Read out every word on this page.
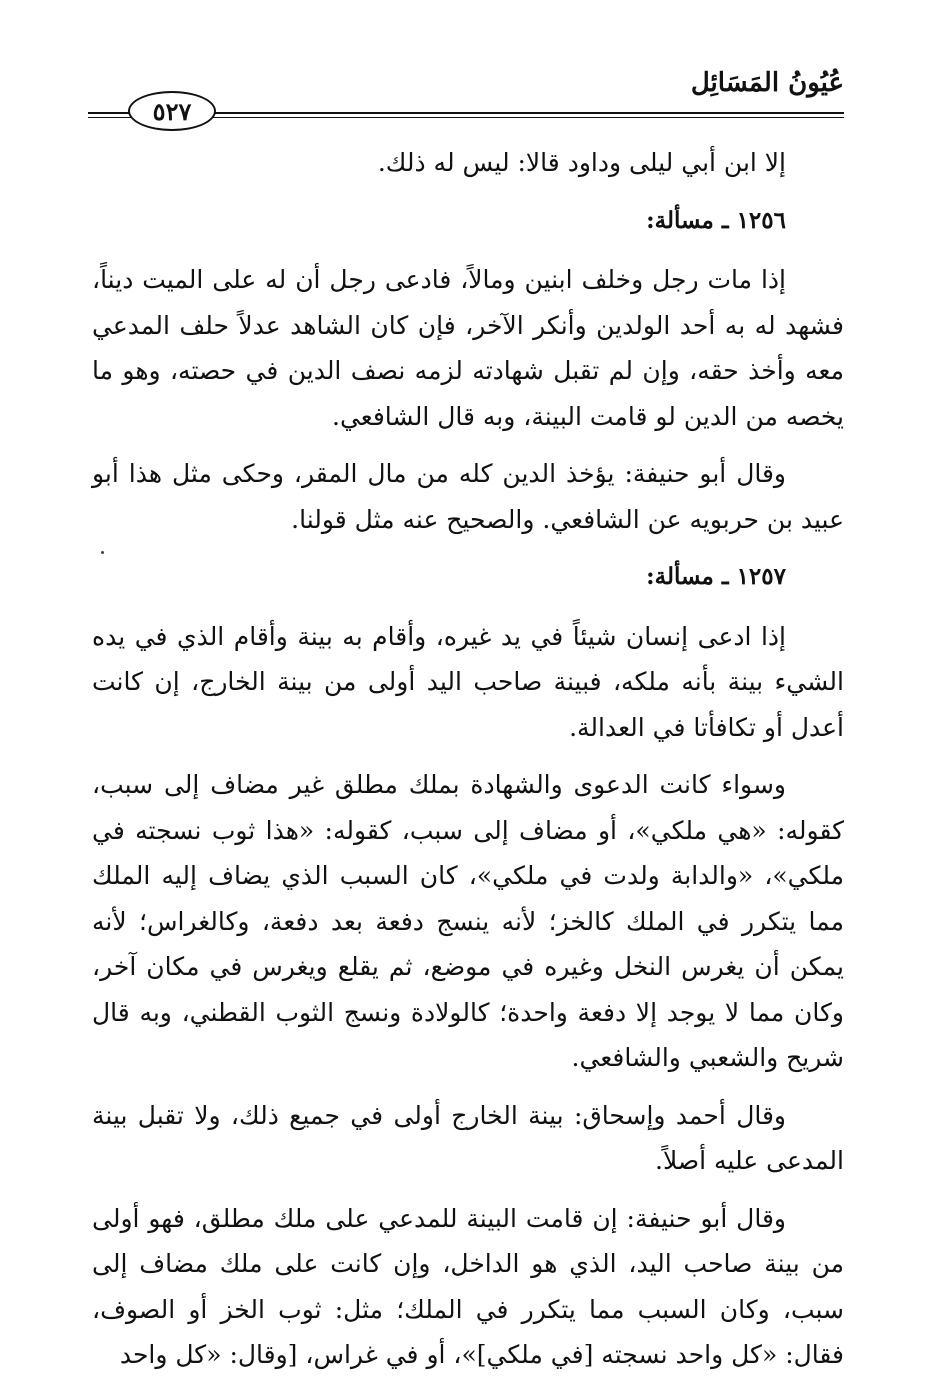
عُيُونُ المَسَائِل
٥٢٧

إلا ابن أبي ليلى وداود قالا: ليس له ذلك.

١٢٥٦ ـ مسألة:

إذا مات رجل وخلف ابنين ومالاً، فادعى رجل أن له على الميت ديناً، فشهد له به أحد الولدين وأنكر الآخر، فإن كان الشاهد عدلاً حلف المدعي معه وأخذ حقه، وإن لم تقبل شهادته لزمه نصف الدين في حصته، وهو ما يخصه من الدين لو قامت البينة، وبه قال الشافعي.

وقال أبو حنيفة: يؤخذ الدين كله من مال المقر، وحكى مثل هذا أبو عبيد بن حربويه عن الشافعي. والصحيح عنه مثل قولنا.

١٢٥٧ ـ مسألة:

إذا ادعى إنسان شيئاً في يد غيره، وأقام به بينة وأقام الذي في يده الشيء بينة بأنه ملكه، فبينة صاحب اليد أولى من بينة الخارج، إن كانت أعدل أو تكافأتا في العدالة.

وسواء كانت الدعوى والشهادة بملك مطلق غير مضاف إلى سبب، كقوله: «هي ملكي»، أو مضاف إلى سبب، كقوله: «هذا ثوب نسجته في ملكي»، «والدابة ولدت في ملكي»، كان السبب الذي يضاف إليه الملك مما يتكرر في الملك كالخز؛ لأنه ينسج دفعة بعد دفعة، وكالغراس؛ لأنه يمكن أن يغرس النخل وغيره في موضع، ثم يقلع ويغرس في مكان آخر، وكان مما لا يوجد إلا دفعة واحدة؛ كالولادة ونسج الثوب القطني، وبه قال شريح والشعبي والشافعي.

وقال أحمد وإسحاق: بينة الخارج أولى في جميع ذلك، ولا تقبل بينة المدعى عليه أصلاً.

وقال أبو حنيفة: إن قامت البينة للمدعي على ملك مطلق، فهو أولى من بينة صاحب اليد، الذي هو الداخل، وإن كانت على ملك مضاف إلى سبب، وكان السبب مما يتكرر في الملك؛ مثل: ثوب الخز أو الصوف، فقال: «كل واحد نسجته [في ملكي]»، أو في غراس، [وقال: «كل واحد
